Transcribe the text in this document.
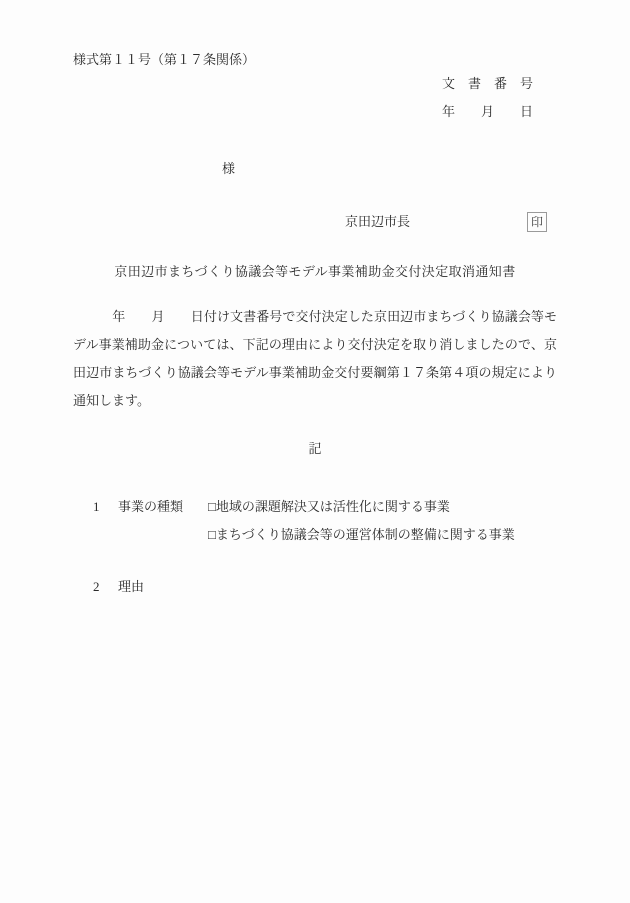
様式第１１号（第１７条関係）
文　書　番　号
年　　月　　日
様
京田辺市長	印
京田辺市まちづくり協議会等モデル事業補助金交付決定取消通知書
　　　年　　月　　日付け文書番号で交付決定した京田辺市まちづくり協議会等モデル事業補助金については、下記の理由により交付決定を取り消しましたので、京田辺市まちづくり協議会等モデル事業補助金交付要綱第１７条第４項の規定により通知します。
記
1	事業の種類	□地域の課題解決又は活性化に関する事業
□まちづくり協議会等の運営体制の整備に関する事業
2	理由
